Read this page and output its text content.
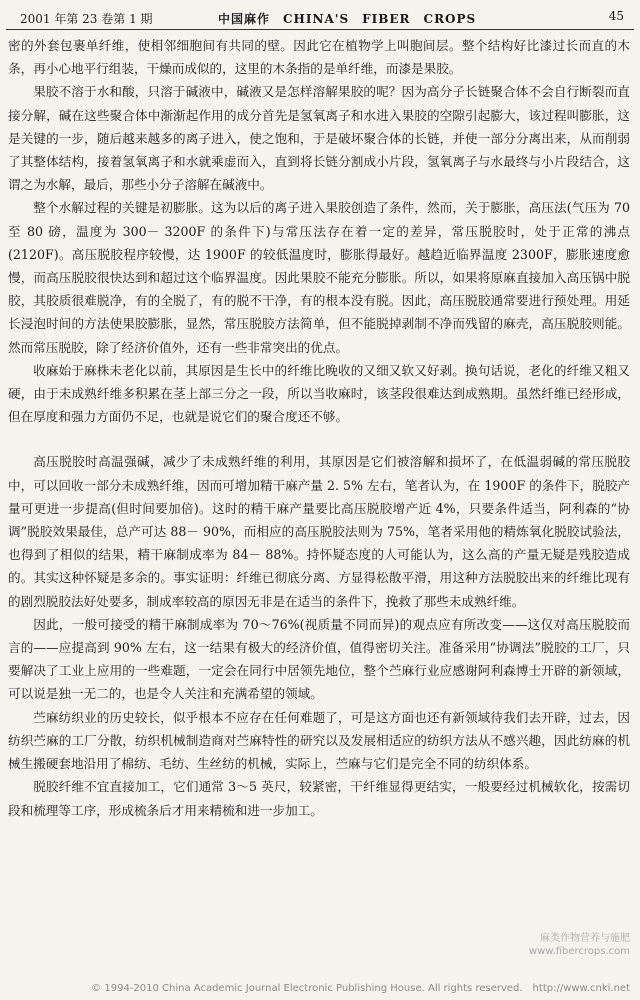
2001 年第 23 卷第 1 期	中国麻作　CHINA'S　FIBER　CROPS	45

密的外套包裹单纤维，使相邻细胞间有共同的壁。因此它在植物学上叫胞间层。整个结构好比漆过长而直的木条，再小心地平行组装，干燥而成似的，这里的木条指的是单纤维，而漆是果胶。

果胶不溶于水和酸，只溶于碱液中，碱液又是怎样溶解果胶的呢？因为高分子长链聚合体不会自行断裂而直接分解，碱在这些聚合体中渐渐起作用的成分首先是氢氧离子和水进入果胶的空隙引起膨大，该过程叫膨胀，这是关键的一步，随后越来越多的离子进入，使之饱和，于是破坏聚合体的长链，并使一部分分离出来，从而削弱了其整体结构，接着氢氧离子和水就乘虚而入，直到将长链分割成小片段，氢氧离子与水最终与小片段结合，这谓之为水解，最后，那些小分子溶解在碱液中。

整个水解过程的关键是初膨胀。这为以后的离子进入果胶创造了条件，然而，关于膨胀，高压法(气压为 70 至 80 磅，温度为 300－ 3200F 的条件下)与常压法存在着一定的差异，常压脱胶时，处于正常的沸点(2120F)。高压脱胶程序较慢，达 1900F 的较低温度时，膨胀得最好。越趋近临界温度 2300F，膨胀速度愈慢，而高压脱胶很快达到和超过这个临界温度。因此果胶不能充分膨胀。所以，如果将原麻直接加入高压锅中脱胶，其胶质很难脱净，有的全脱了，有的脱不干净，有的根本没有脱。因此，高压脱胶通常要进行预处理。用延长浸泡时间的方法使果胶膨胀，显然，常压脱胶方法简单，但不能脱掉剥制不净而残留的麻壳，高压脱胶则能。然而常压脱胶，除了经济价值外，还有一些非常突出的优点。

收麻始于麻株未老化以前，其原因是生长中的纤维比晚收的又细又软又好剥。换句话说，老化的纤维又粗又硬，由于未成熟纤维多积累在茎上部三分之一段，所以当收麻时，该茎段很难达到成熟期。虽然纤维已经形成，但在厚度和强力方面仍不足，也就是说它们的聚合度还不够。

高压脱胶时高温强碱，减少了未成熟纤维的利用，其原因是它们被溶解和损坏了，在低温弱碱的常压脱胶中，可以回收一部分未成熟纤维，因而可增加精干麻产量 2. 5% 左右，笔者认为，在 1900F 的条件下，脱胶产量可更进一步提高(但时间要加倍)。这时的精干麻产量要比高压脱胶增产近 4%，只要条件适当，阿利森的“协调”脱胶效果最佳，总产可达 88－ 90%，而相应的高压脱胶法则为 75%，笔者采用他的精炼氧化脱胶试验法，也得到了相似的结果，精干麻制成率为 84－ 88%。持怀疑态度的人可能认为，这么高的产量无疑是残胶造成的。其实这种怀疑是多余的。事实证明：纤维已彻底分离、方显得松散平滑，用这种方法脱胶出来的纤维比现有的剧烈脱胶法好处要多，制成率较高的原因无非是在适当的条件下，挽救了那些未成熟纤维。

因此，一般可接受的精干麻制成率为 70～76%(视质量不同而异)的观点应有所改变——这仅对高压脱胶而言的——应提高到 90% 左右，这一结果有极大的经济价值，值得密切关注。准备采用“协调法”脱胶的工厂，只要解决了工业上应用的一些难题，一定会在同行中居领先地位，整个苎麻行业应感谢阿利森博士开辟的新领域，可以说是独一无二的，也是令人关注和充满希望的领域。

苎麻纺织业的历史较长，似乎根本不应存在任何难题了，可是这方面也还有新领域待我们去开辟，过去，因纺织苎麻的工厂分散，纺织机械制造商对苎麻特性的研究以及发展相适应的纺织方法从不感兴趣，因此纺麻的机械生搬硬套地沿用了棉纺、毛纺、生丝纺的机械，实际上，苎麻与它们是完全不同的纺织体系。

脱胶纤维不宜直接加工，它们通常 3～5 英尺，较紧密，干纤维显得更结实，一般要经过机械软化，按需切段和梳理等工序，形成梳条后才用来精梳和进一步加工。

麻类作物营养与施肥 www.fibercrops.com
© 1994-2010 China Academic Journal Electronic Publishing House. All rights reserved.　http://www.cnki.net
